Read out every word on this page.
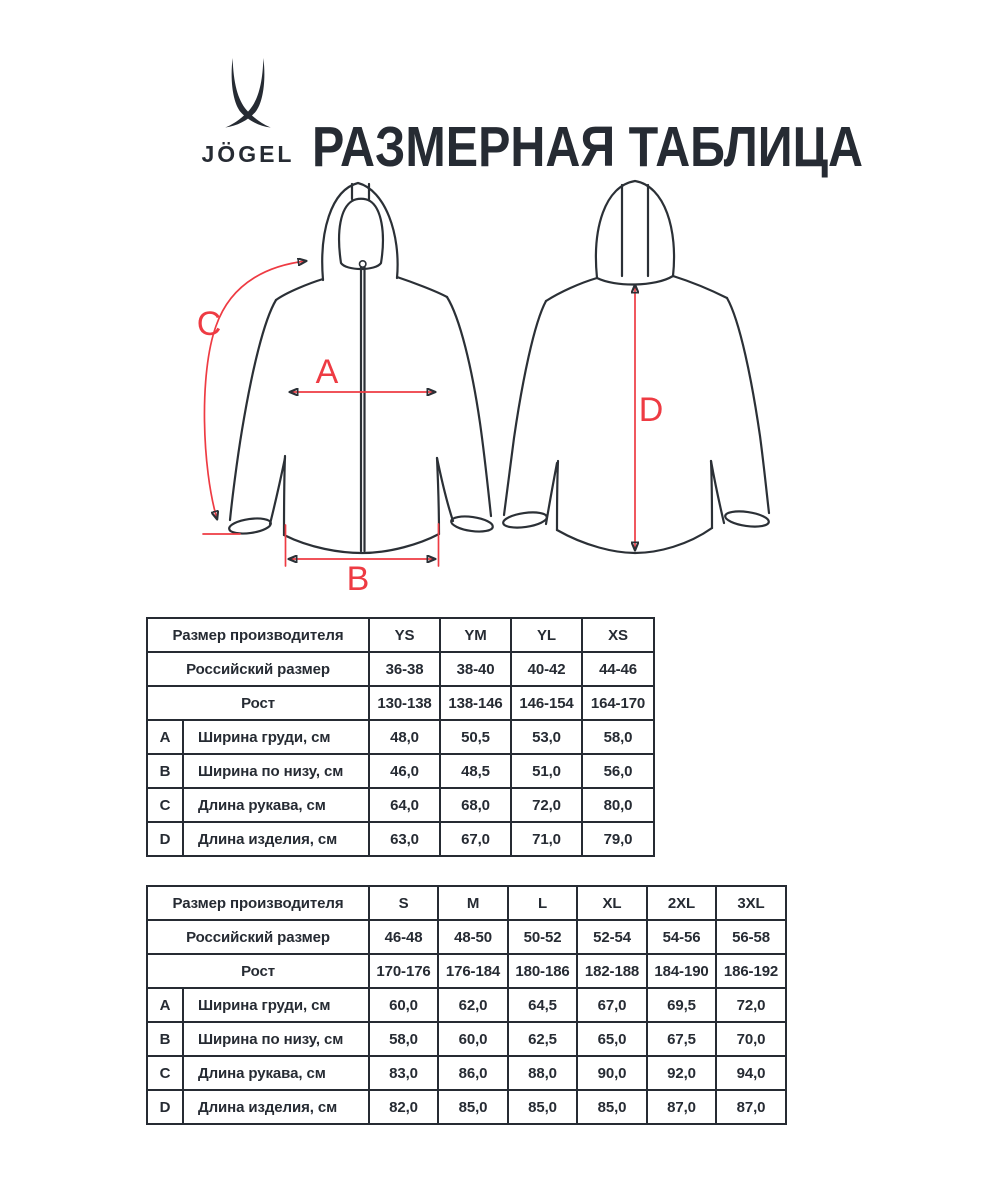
JÖGEL РАЗМЕРНАЯ ТАБЛИЦА
A
B
C
D
Размер производителя		YS	YM	YL	XS
Российский размер		36-38	38-40	40-42	44-46
Рост		130-138	138-146	146-154	164-170
A	Ширина груди, см	48,0	50,5	53,0	58,0
B	Ширина по низу, см	46,0	48,5	51,0	56,0
C	Длина рукава, см	64,0	68,0	72,0	80,0
D	Длина изделия, см	63,0	67,0	71,0	79,0
Размер производителя		S	M	L	XL	2XL	3XL
Российский размер		46-48	48-50	50-52	52-54	54-56	56-58
Рост		170-176	176-184	180-186	182-188	184-190	186-192
A	Ширина груди, см	60,0	62,0	64,5	67,0	69,5	72,0
B	Ширина по низу, см	58,0	60,0	62,5	65,0	67,5	70,0
C	Длина рукава, см	83,0	86,0	88,0	90,0	92,0	94,0
D	Длина изделия, см	82,0	85,0	85,0	85,0	87,0	87,0
